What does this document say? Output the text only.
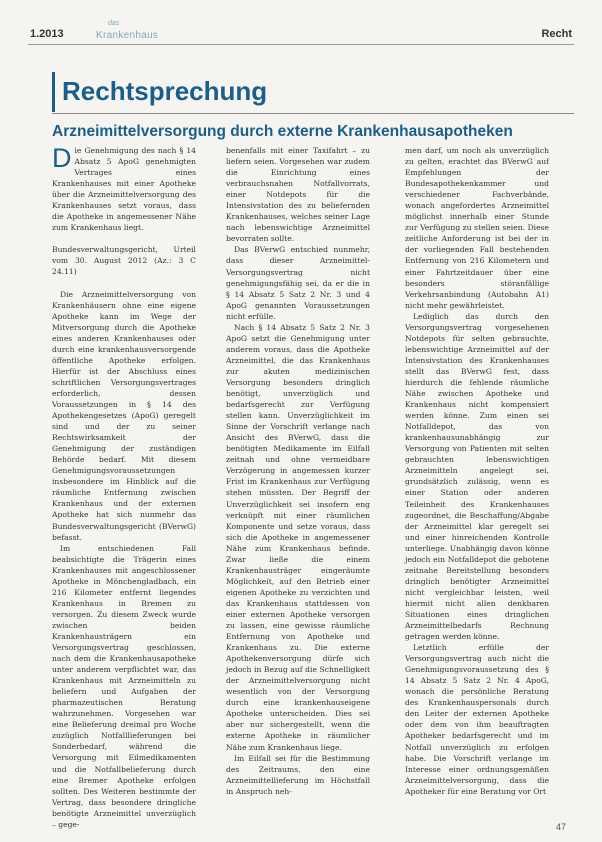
1.2013
das
Krankenhaus	Recht
Rechtsprechung
Arzneimittelversorgung durch externe Krankenhausapotheken

Die Genehmigung des nach § 14 Absatz 5 ApoG genehmigten Vertrages eines Krankenhauses mit einer Apotheke über die Arzneimittelversorgung des Krankenhauses setzt voraus, dass die Apotheke in angemessener Nähe zum Krankenhaus liegt.

Bundesverwaltungsgericht, Urteil vom 30. August 2012 (Az.: 3 C 24.11)

Die Arzneimittelversorgung von Krankenhäusern ohne eine eigene Apotheke kann im Wege der Mitversorgung durch die Apotheke eines anderen Krankenhauses oder durch eine krankenhausversorgende öffentliche Apotheke erfolgen. Hierfür ist der Abschluss eines schriftlichen Versorgungsvertrages erforderlich, dessen Voraussetzungen in § 14 des Apothekengesetzes (ApoG) geregelt sind und der zu seiner Rechtswirksamkeit der Genehmigung der zuständigen Behörde bedarf. Mit diesem Genehmigungsvoraussetzungen insbesondere im Hinblick auf die räumliche Entfernung zwischen Krankenhaus und der externen Apotheke hat sich nunmehr das Bundesverwaltungsgericht (BVerwG) befasst.

Im entschiedenen Fall beabsichtigte die Trägerin eines Krankenhauses mit angeschlossener Apotheke in Mönchengladbach, ein 216 Kilometer entfernt liegendes Krankenhaus in Bremen zu versorgen. Zu diesem Zweck wurde zwischen beiden Krankenhausträgern ein Versorgungsvertrag geschlossen, nach dem die Krankenhausapotheke unter anderem verpflichtet war, das Krankenhaus mit Arzneimitteln zu beliefern und Aufgaben der pharmazeutischen Beratung wahrzunehmen. Vorgesehen war eine Belieferung dreimal pro Woche zuzüglich Notfalllieferungen bei Sonderbedarf, während die Versorgung mit Eilmedikamenten und die Notfallbelieferung durch eine Bremer Apotheke erfolgen sollten. Des Weiteren bestimmte der Vertrag, dass besondere dringliche benötigte Arzneimittel unverzüglich – gege-

benenfalls mit einer Taxifahrt – zu liefern seien. Vorgesehen war zudem die Einrichtung eines verbrauchsnahen Notfallvorrats, einer Notdepots für die Intensivstation des zu beliefernden Krankenhauses, welches seiner Lage nach lebenswichtige Arzneimittel bevorraten sollte.

Das BVerwG entschied nunmehr, dass dieser Arzneimittel-Versorgungsvertrag nicht genehmigungsfähig sei, da er die in § 14 Absatz 5 Satz 2 Nr. 3 und 4 ApoG genannten Voraussetzungen nicht erfülle.

Nach § 14 Absatz 5 Satz 2 Nr. 3 ApoG setzt die Genehmigung unter anderem voraus, dass die Apotheke Arzneimittel, die das Krankenhaus zur akuten medizinischen Versorgung besonders dringlich benötigt, unverzüglich und bedarfsgerecht zur Verfügung stellen kann. Unverzüglichkeit im Sinne der Vorschrift verlange nach Ansicht des BVerwG, dass die benötigten Medikamente im Eilfall zeitnah und ohne vermeidbare Verzögerung in angemessen kurzer Frist im Krankenhaus zur Verfügung stehen müssten. Der Begriff der Unverzüglichkeit sei insofern eng verknüpft mit einer räumlichen Komponente und setze voraus, dass sich die Apotheke in angemessener Nähe zum Krankenhaus befinde. Zwar ließe die einem Krankenhausträger eingeräumte Möglichkeit, auf den Betrieb einer eigenen Apotheke zu verzichten und das Krankenhaus stattdessen von einer externen Apotheke versorgen zu lassen, eine gewisse räumliche Entfernung von Apotheke und Krankenhaus zu. Die externe Apothekenversorgung dürfe sich jedoch in Bezug auf die Schnelligkeit der Arzneimittelversorgung nicht wesentlich von der Versorgung durch eine krankenhauseigene Apotheke unterscheiden. Dies sei aber nur sichergestellt, wenn die externe Apotheke in räumlicher Nähe zum Krankenhaus liege.

Im Eilfall sei für die Bestimmung des Zeitraums, den eine Arzneimittellieferung im Höchstfall in Anspruch neh-

men darf, um noch als unverzüglich zu gelten, erachtet das BVerwG auf Empfehlungen der Bundesapothekenkammer und verschiedener Fachverbände, wonach angefordertes Arzneimittel möglichst innerhalb einer Stunde zur Verfügung zu stellen seien. Diese zeitliche Anforderung ist bei der in der vorliegenden Fall bestehenden Entfernung von 216 Kilometern und einer Fahrtzeitdauer über eine besonders störanfällige Verkehrsanbindung (Autobahn A1) nicht mehr gewährleistet.

Lediglich das durch den Versorgungsvertrag vorgesehenen Notdepots für selten gebrauchte, lebenswichtige Arzneimittel auf der Intensivstation des Krankenhauses stellt das BVerwG fest, dass hierdurch die fehlende räumliche Nähe zwischen Apotheke und Krankenhaus nicht kompensiert werden könne. Zum einen sei Notfalldepot, das von krankenhausunabhängig zur Versorgung von Patienten mit selten gebrauchten lebenswichtigen Arzneimitteln angelegt sei, grundsätzlich zulässig, wenn es einer Station oder anderen Teileinheit des Krankenhauses zugeordnet, die Beschaffung/Abgabe der Arzneimittel klar geregelt sei und einer hinreichenden Kontrolle unterliege. Unabhängig davon könne jedoch ein Notfalldepot die gebotene zeitnahe Bereitstellung besonders dringlich benötigter Arzneimittel nicht vergleichbar leisten, weil hiermit nicht allen denkbaren Situationen eines dringlichen Arzneimittelbedarfs Rechnung getragen werden könne.

Letztlich erfülle der Versorgungsvertrag auch nicht die Genehmigungsvoraussetzung des § 14 Absatz 5 Satz 2 Nr. 4 ApoG, wonach die persönliche Beratung des Krankenhauspersonals durch den Leiter der externen Apotheke oder dem von ihm beauftragten Apotheker bedarfsgerecht und im Notfall unverzüglich zu erfolgen habe. Die Vorschrift verlange im Interesse einer ordnungsgemäßen Arzneimittelversorgung, dass die Apotheker für eine Beratung vor Ort

47
